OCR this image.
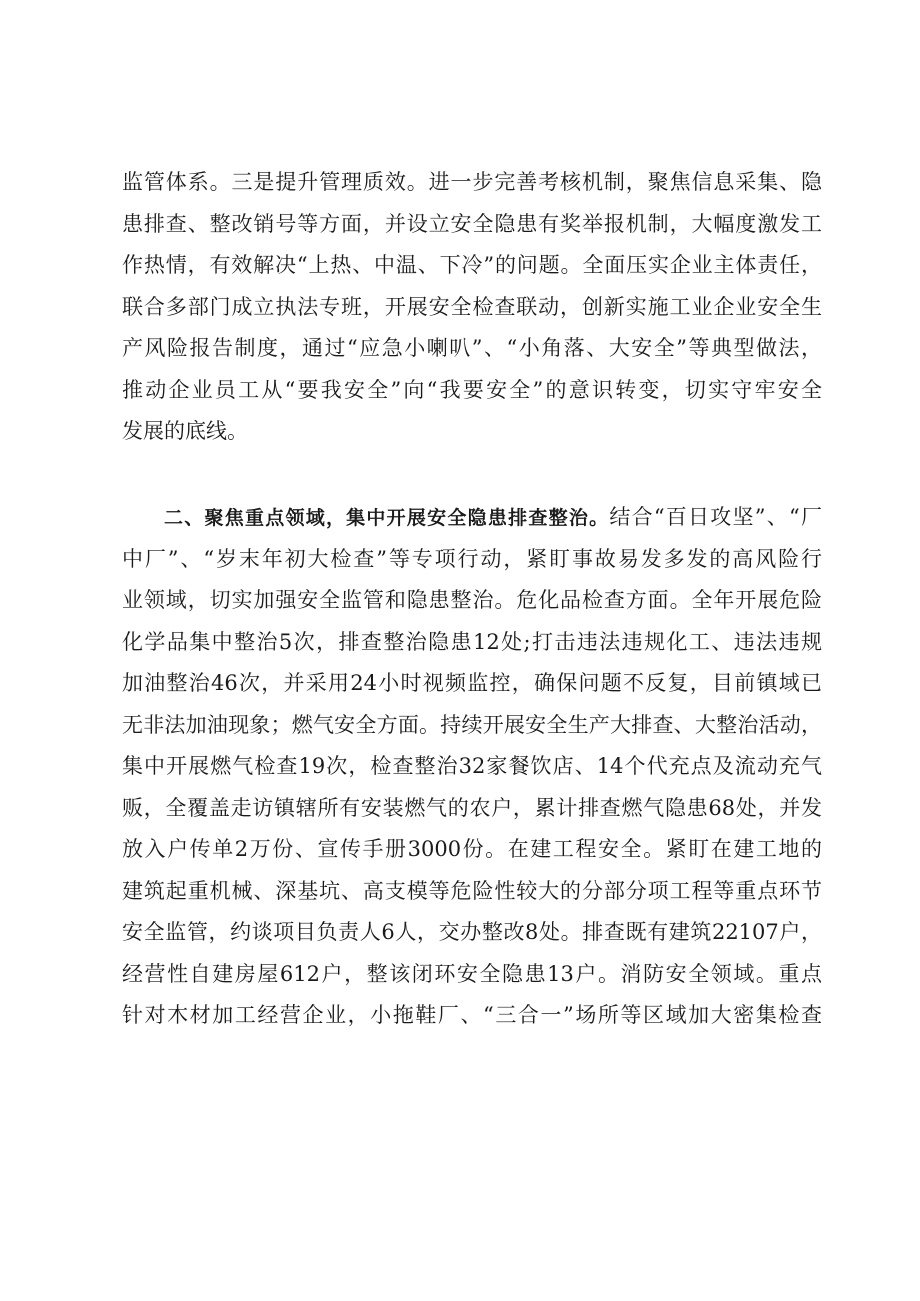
监管体系。三是提升管理质效。进一步完善考核机制，聚焦信息采集、隐
患排查、整改销号等方面，并设立安全隐患有奖举报机制，大幅度激发工
作热情，有效解决“上热、中温、下冷”的问题。全面压实企业主体责任，
联合多部门成立执法专班，开展安全检查联动，创新实施工业企业安全生
产风险报告制度，通过“应急小喇叭”、“小角落、大安全”等典型做法，
推动企业员工从“要我安全”向“我要安全”的意识转变，切实守牢安全
发展的底线。
二、聚焦重点领域，集中开展安全隐患排查整治。结合“百日攻坚”、“厂
中厂”、“岁末年初大检查”等专项行动，紧盯事故易发多发的高风险行
业领域，切实加强安全监管和隐患整治。危化品检查方面。全年开展危险
化学品集中整治5次，排查整治隐患12处;打击违法违规化工、违法违规
加油整治46次，并采用24小时视频监控，确保问题不反复，目前镇域已
无非法加油现象；燃气安全方面。持续开展安全生产大排查、大整治活动，
集中开展燃气检查19次，检查整治32家餐饮店、14个代充点及流动充气
贩，全覆盖走访镇辖所有安装燃气的农户，累计排查燃气隐患68处，并发
放入户传单2万份、宣传手册3000份。在建工程安全。紧盯在建工地的
建筑起重机械、深基坑、高支模等危险性较大的分部分项工程等重点环节
安全监管，约谈项目负责人6人，交办整改8处。排查既有建筑22107户，
经营性自建房屋612户，整该闭环安全隐患13户。消防安全领域。重点
针对木材加工经营企业，小拖鞋厂、“三合一”场所等区域加大密集检查
